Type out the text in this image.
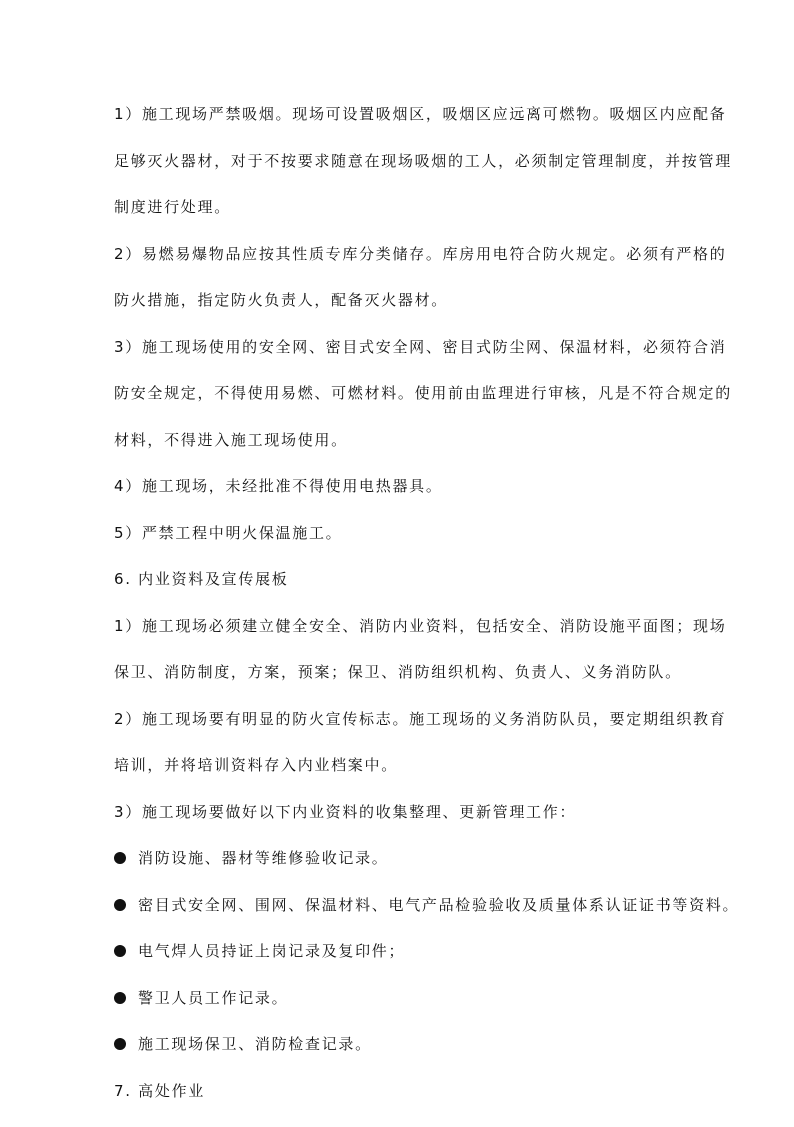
1）施工现场严禁吸烟。现场可设置吸烟区，吸烟区应远离可燃物。吸烟区内应配备
足够灭火器材，对于不按要求随意在现场吸烟的工人，必须制定管理制度，并按管理
制度进行处理。
2）易燃易爆物品应按其性质专库分类储存。库房用电符合防火规定。必须有严格的
防火措施，指定防火负责人，配备灭火器材。
3）施工现场使用的安全网、密目式安全网、密目式防尘网、保温材料，必须符合消
防安全规定，不得使用易燃、可燃材料。使用前由监理进行审核，凡是不符合规定的
材料，不得进入施工现场使用。
4）施工现场，未经批准不得使用电热器具。
5）严禁工程中明火保温施工。
6. 内业资料及宣传展板
1）施工现场必须建立健全安全、消防内业资料，包括安全、消防设施平面图；现场
保卫、消防制度，方案，预案；保卫、消防组织机构、负责人、义务消防队。
2）施工现场要有明显的防火宣传标志。施工现场的义务消防队员，要定期组织教育
培训，并将培训资料存入内业档案中。
3）施工现场要做好以下内业资料的收集整理、更新管理工作：
消防设施、器材等维修验收记录。
密目式安全网、围网、保温材料、电气产品检验验收及质量体系认证证书等资料。
电气焊人员持证上岗记录及复印件；
警卫人员工作记录。
施工现场保卫、消防检查记录。
7. 高处作业
